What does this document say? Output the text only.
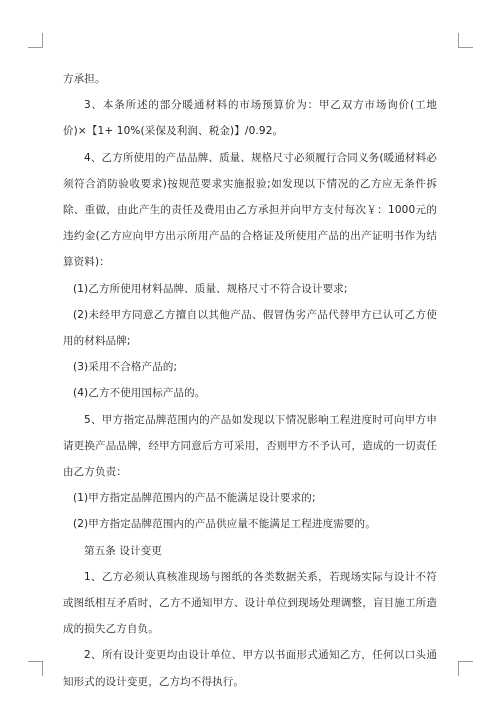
方承担。

3、本条所述的部分暖通材料的市场预算价为：甲乙双方市场询价(工地价)×【1+ 10%(采保及利润、税金)】/0.92。

4、乙方所使用的产品品牌、质量、规格尺寸必须履行合同义务(暖通材料必须符合消防验收要求)按规范要求实施报验;如发现以下情况的乙方应无条件拆除、重做，由此产生的责任及费用由乙方承担并向甲方支付每次￥：1000元的违约金(乙方应向甲方出示所用产品的合格证及所使用产品的出产证明书作为结算资料)：

(1)乙方所使用材料品牌、质量、规格尺寸不符合设计要求;

(2)未经甲方同意乙方擅自以其他产品、假冒伪劣产品代替甲方已认可乙方使用的材料品牌;

(3)采用不合格产品的;

(4)乙方不使用国标产品的。

5、甲方指定品牌范围内的产品如发现以下情况影响工程进度时可向甲方申请更换产品品牌，经甲方同意后方可采用，否则甲方不予认可，造成的一切责任由乙方负责：

(1)甲方指定品牌范围内的产品不能满足设计要求的;

(2)甲方指定品牌范围内的产品供应量不能满足工程进度需要的。

第五条 设计变更

1、乙方必须认真核准现场与图纸的各类数据关系，若现场实际与设计不符或图纸相互矛盾时，乙方不通知甲方、设计单位到现场处理调整，盲目施工所造成的损失乙方自负。

2、所有设计变更均由设计单位、甲方以书面形式通知乙方，任何以口头通知形式的设计变更，乙方均不得执行。
